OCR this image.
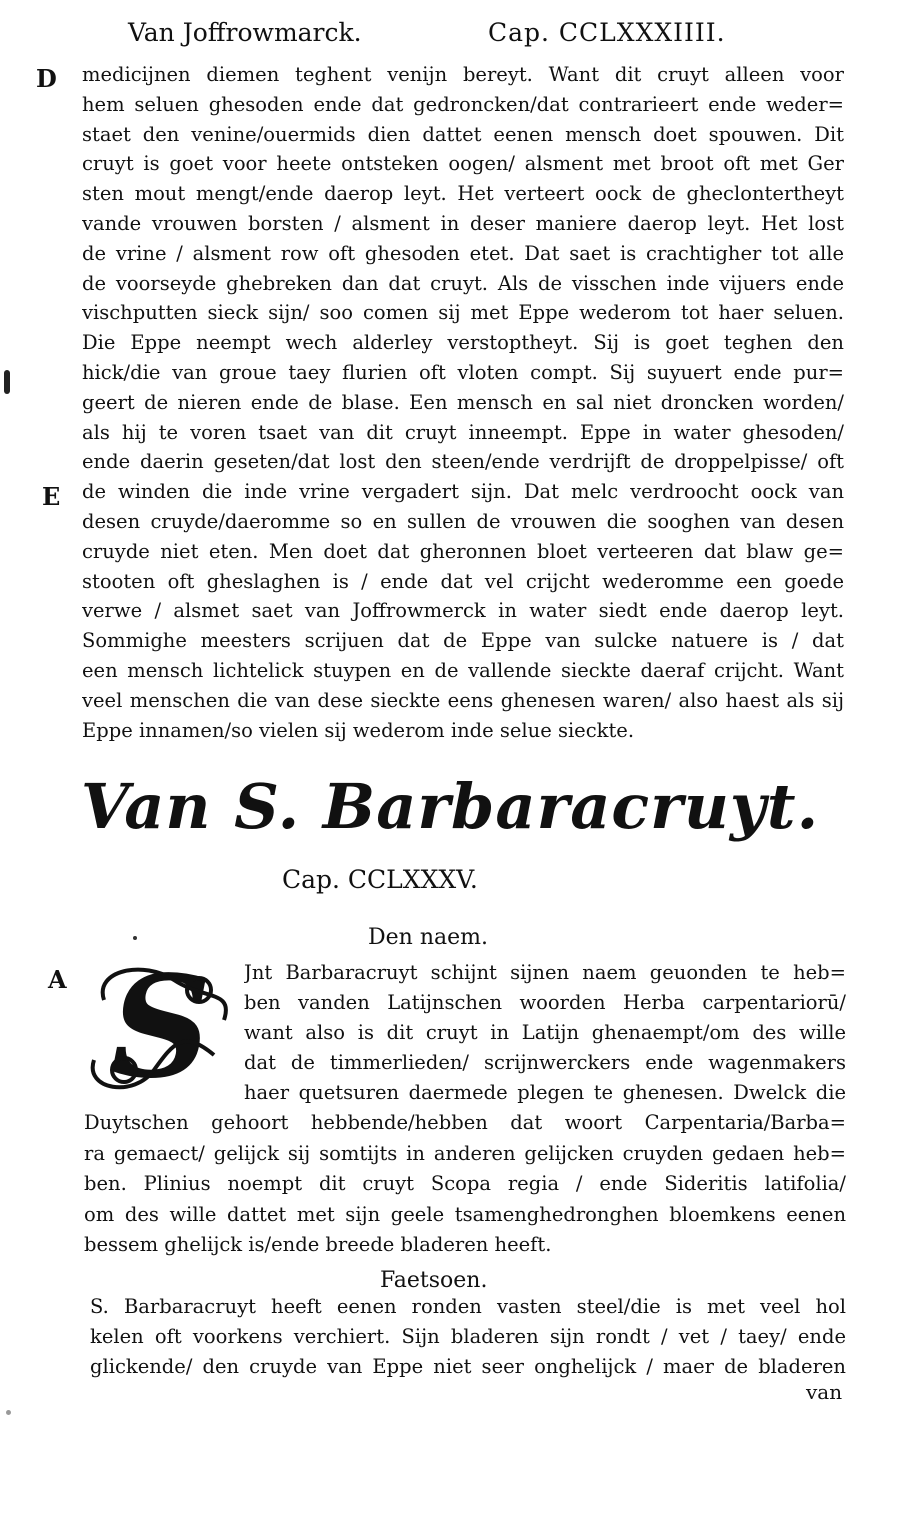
Van Joffrowmarck.	Cap. CCLXXXIIII.
D
E
A
medicijnen diemen teghent venijn bereyt. Want dit cruyt alleen voor
hem seluen ghesoden ende dat gedroncken/dat contrarieert ende weder=
staet den venine/ouermids dien dattet eenen mensch doet spouwen. Dit
cruyt is goet voor heete ontsteken oogen/ alsment met broot oft met Ger
sten mout mengt/ende daerop leyt. Het verteert oock de gheclontertheyt
vande vrouwen borsten / alsment in deser maniere daerop leyt. Het lost
de vrine / alsment row oft ghesoden etet. Dat saet is crachtigher tot alle
de voorseyde ghebreken dan dat cruyt. Als de visschen inde vijuers ende
vischputten sieck sijn/ soo comen sij met Eppe wederom tot haer seluen.
Die Eppe neempt wech alderley verstoptheyt. Sij is goet teghen den
hick/die van groue taey flurien oft vloten compt. Sij suyuert ende pur=
geert de nieren ende de blase. Een mensch en sal niet droncken worden/
als hij te voren tsaet van dit cruyt inneempt. Eppe in water ghesoden/
ende daerin geseten/dat lost den steen/ende verdrijft de droppelpisse/ oft
de winden die inde vrine vergadert sijn. Dat melc verdroocht oock van
desen cruyde/daeromme so en sullen de vrouwen die sooghen van desen
cruyde niet eten. Men doet dat gheronnen bloet verteeren dat blaw ge=
stooten oft gheslaghen is / ende dat vel crijcht wederomme een goede
verwe / alsmet saet van Joffrowmerck in water siedt ende daerop leyt.
Sommighe meesters scrijuen dat de Eppe van sulcke natuere is / dat
een mensch lichtelick stuypen en de vallende sieckte daeraf crijcht. Want
veel menschen die van dese sieckte eens ghenesen waren/ also haest als sij
Eppe innamen/so vielen sij wederom inde selue sieckte.
Van S. Barbaracruyt.
Cap. CCLXXXV.
Den naem.
S	Jnt Barbaracruyt schijnt sijnen naem geuonden te heb=
ben vanden Latijnschen woorden Herba carpentariorū/
want also is dit cruyt in Latijn ghenaempt/om des wille
dat de timmerlieden/ scrijnwerckers ende wagenmakers
haer quetsuren daermede plegen te ghenesen. Dwelck die
Duytschen gehoort hebbende/hebben dat woort Carpentaria/Barba=
ra gemaect/ gelijck sij somtijts in anderen gelijcken cruyden gedaen heb=
ben. Plinius noempt dit cruyt Scopa regia / ende Sideritis latifolia/
om des wille dattet met sijn geele tsamenghedronghen bloemkens eenen
bessem ghelijck is/ende breede bladeren heeft.
Faetsoen.
S. Barbaracruyt heeft eenen ronden vasten steel/die is met veel hol
kelen oft voorkens verchiert. Sijn bladeren sijn rondt / vet / taey/ ende
glickende/ den cruyde van Eppe niet seer onghelijck / maer de bladeren
van
